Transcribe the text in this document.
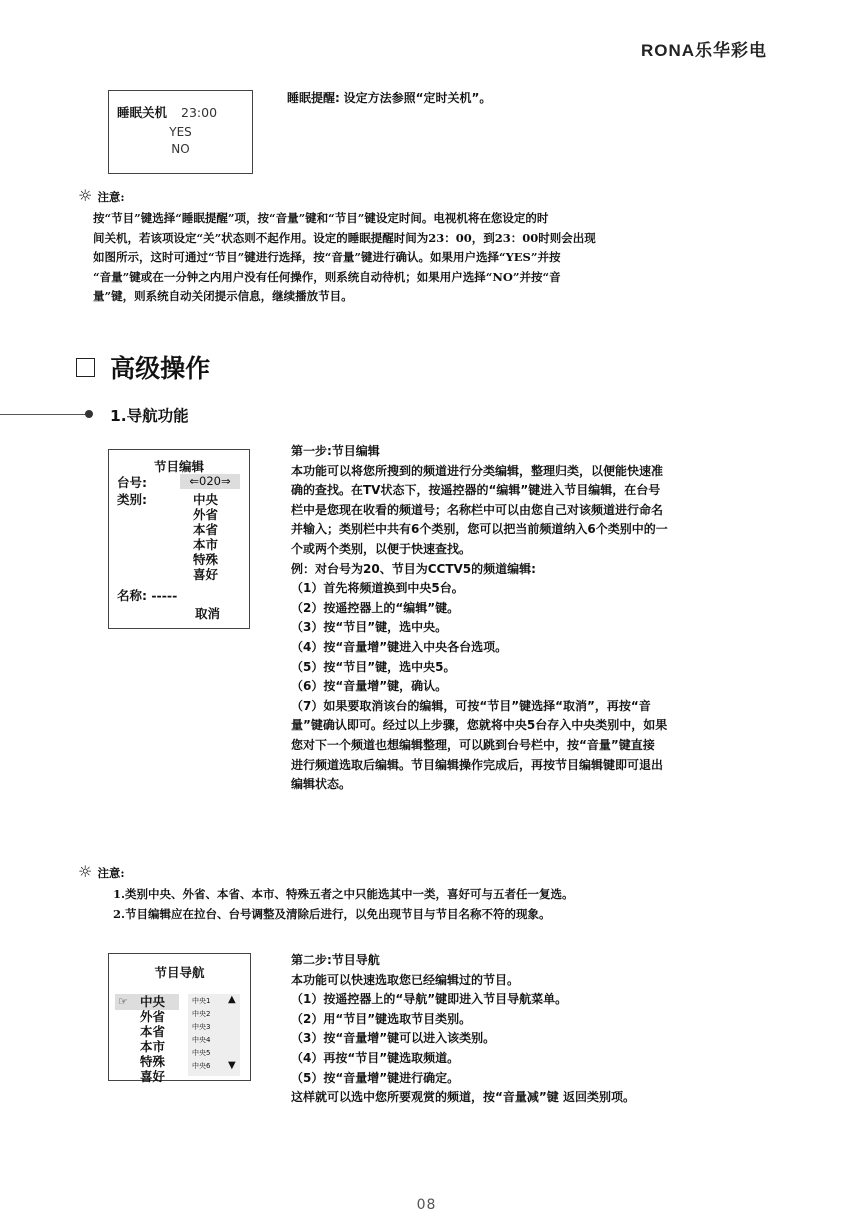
RONA乐华彩电
睡眠关机 23:00
YES
NO
睡眠提醒: 设定方法参照“定时关机”。
☼ 注意:
按“节目”键选择“睡眠提醒”项，按“音量”键和“节目”键设定时间。电视机将在您设定的时
间关机，若该项设定“关”状态则不起作用。设定的睡眠提醒时间为23：00，到23：00时则会出现
如图所示，这时可通过“节目”键进行选择，按“音量”键进行确认。如果用户选择“YES”并按
“音量”键或在一分钟之内用户没有任何操作，则系统自动待机；如果用户选择“NO”并按“音
量”键，则系统自动关闭提示信息，继续播放节目。
高级操作
1.导航功能
节目编辑
台号:	⇐020⇒
类别:	中央
外省
本省
本市
特殊
喜好
名称: -----
取消
第一步:节目编辑
本功能可以将您所搜到的频道进行分类编辑，整理归类，以便能快速准
确的查找。在TV状态下，按遥控器的“编辑”键进入节目编辑，在台号
栏中是您现在收看的频道号；名称栏中可以由您自己对该频道进行命名
并输入；类别栏中共有6个类别，您可以把当前频道纳入6个类别中的一
个或两个类别，以便于快速查找。
例：对台号为20、节目为CCTV5的频道编辑:
（1）首先将频道换到中央5台。
（2）按遥控器上的“编辑”键。
（3）按“节目”键，选中央。
（4）按“音量增”键进入中央各台选项。
（5）按“节目”键，选中央5。
（6）按“音量增”键，确认。
（7）如果要取消该台的编辑，可按“节目”键选择“取消”，再按“音
量”键确认即可。经过以上步骤，您就将中央5台存入中央类别中，如果
您对下一个频道也想编辑整理，可以跳到台号栏中，按“音量”键直接
进行频道选取后编辑。节目编辑操作完成后，再按节目编辑键即可退出
编辑状态。
☼ 注意:
1.类别中央、外省、本省、本市、特殊五者之中只能选其中一类，喜好可与五者任一复选。
2.节目编辑应在拉台、台号调整及清除后进行，以免出现节目与节目名称不符的现象。
节目导航
☞ 中央
外省
本省
本市
特殊
喜好
中央1
中央2
中央3
中央4
中央5
中央6
▲
▼
第二步:节目导航
本功能可以快速选取您已经编辑过的节目。
（1）按遥控器上的“导航”键即进入节目导航菜单。
（2）用“节目”键选取节目类别。
（3）按“音量增”键可以进入该类别。
（4）再按“节目”键选取频道。
（5）按“音量增”键进行确定。
这样就可以选中您所要观赏的频道，按“音量减”键 返回类别项。
08
